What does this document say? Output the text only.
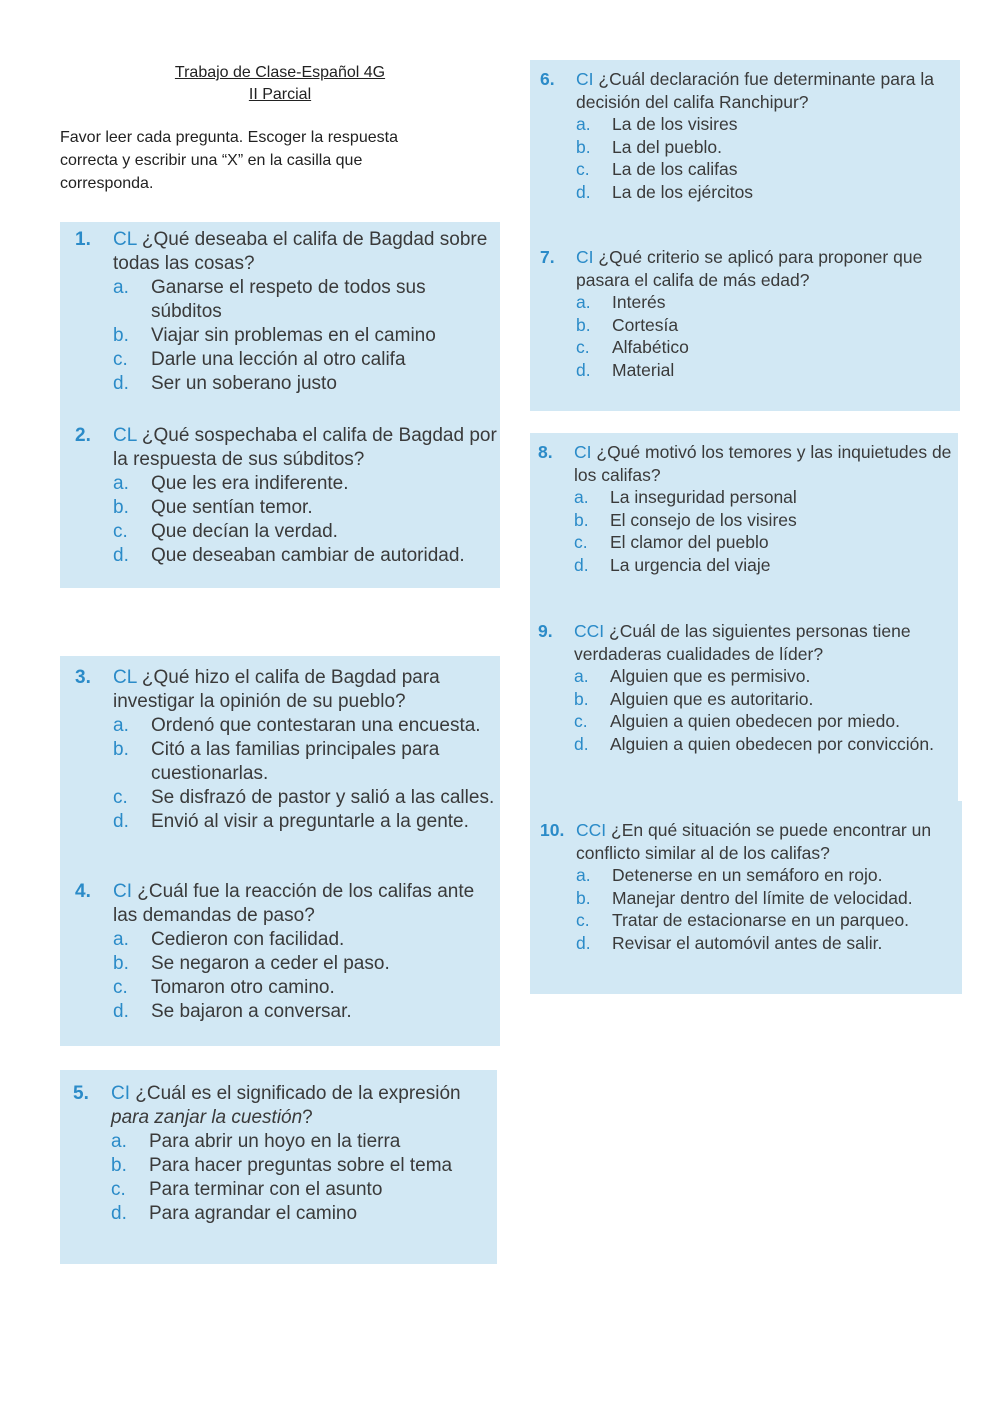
Trabajo de Clase-Español 4G
II Parcial
Favor leer cada pregunta. Escoger la respuesta correcta y escribir una “X” en la casilla que corresponda.
1.	CL ¿Qué deseaba el califa de Bagdad sobre todas las cosas?
a.	Ganarse el respeto de todos sus súbditos
b.	Viajar sin problemas en el camino
c.	Darle una lección al otro califa
d.	Ser un soberano justo
2.	CL ¿Qué sospechaba el califa de Bagdad por la respuesta de sus súbditos?
a.	Que les era indiferente.
b.	Que sentían temor.
c.	Que decían la verdad.
d.	Que deseaban cambiar de autoridad.
3.	CL ¿Qué hizo el califa de Bagdad para investigar la opinión de su pueblo?
a.	Ordenó que contestaran una encuesta.
b.	Citó a las familias principales para cuestionarlas.
c.	Se disfrazó de pastor y salió a las calles.
d.	Envió al visir a preguntarle a la gente.
4.	CI ¿Cuál fue la reacción de los califas ante las demandas de paso?
a.	Cedieron con facilidad.
b.	Se negaron a ceder el paso.
c.	Tomaron otro camino.
d.	Se bajaron a conversar.
5.	CI ¿Cuál es el significado de la expresión para zanjar la cuestión?
a.	Para abrir un hoyo en la tierra
b.	Para hacer preguntas sobre el tema
c.	Para terminar con el asunto
d.	Para agrandar el camino
6.	CI ¿Cuál declaración fue determinante para la decisión del califa Ranchipur?
a.	La de los visires
b.	La del pueblo.
c.	La de los califas
d.	La de los ejércitos
7.	CI ¿Qué criterio se aplicó para proponer que pasara el califa de más edad?
a.	Interés
b.	Cortesía
c.	Alfabético
d.	Material
8.	CI ¿Qué motivó los temores y las inquietudes de los califas?
a.	La inseguridad personal
b.	El consejo de los visires
c.	El clamor del pueblo
d.	La urgencia del viaje
9.	CCI ¿Cuál de las siguientes personas tiene verdaderas cualidades de líder?
a.	Alguien que es permisivo.
b.	Alguien que es autoritario.
c.	Alguien a quien obedecen por miedo.
d.	Alguien a quien obedecen por convicción.
10. CCI ¿En qué situación se puede encontrar un conflicto similar al de los califas?
a.	Detenerse en un semáforo en rojo.
b.	Manejar dentro del límite de velocidad.
c.	Tratar de estacionarse en un parqueo.
d.	Revisar el automóvil antes de salir.
